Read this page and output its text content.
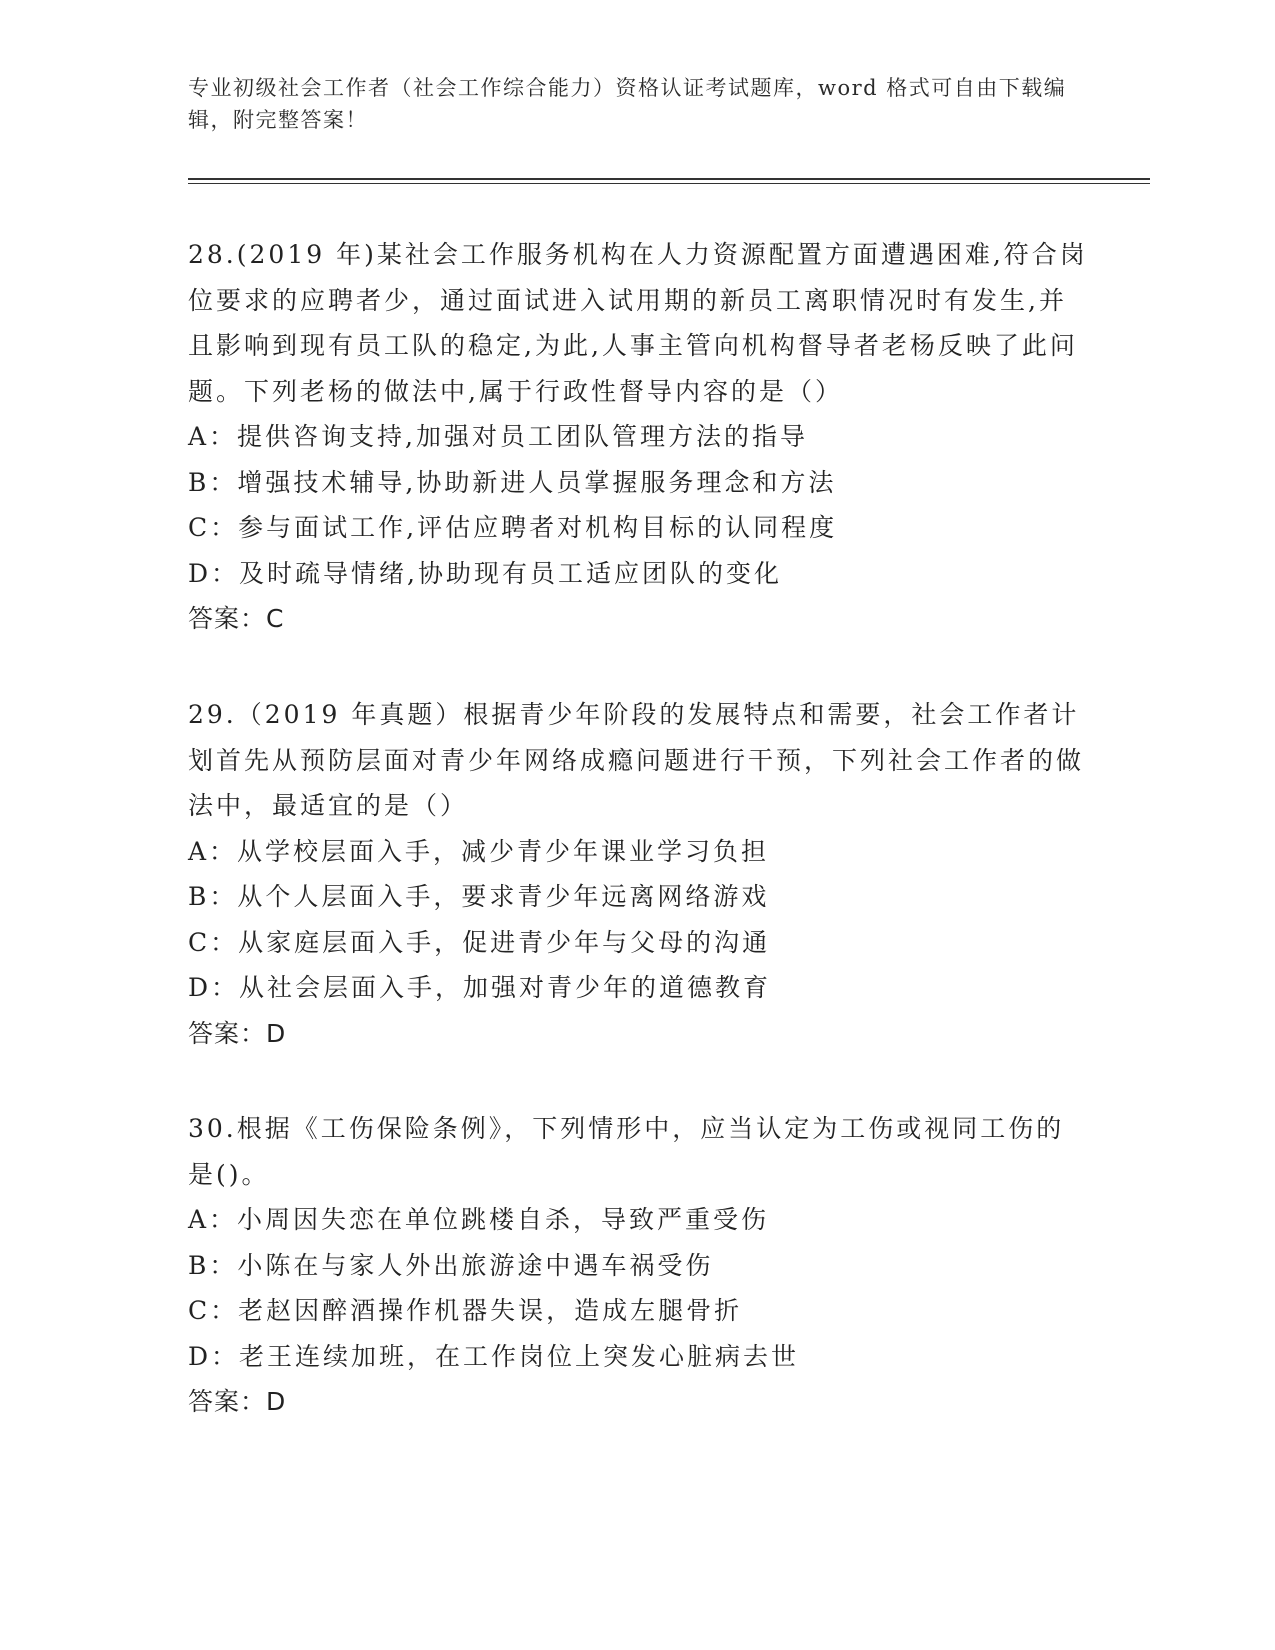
专业初级社会工作者（社会工作综合能力）资格认证考试题库，word 格式可自由下载编辑，附完整答案！

28.(2019 年)某社会工作服务机构在人力资源配置方面遭遇困难,符合岗位要求的应聘者少，通过面试进入试用期的新员工离职情况时有发生,并且影响到现有员工队的稳定,为此,人事主管向机构督导者老杨反映了此问题。下列老杨的做法中,属于行政性督导内容的是（）

A：提供咨询支持,加强对员工团队管理方法的指导

B：增强技术辅导,协助新进人员掌握服务理念和方法

C：参与面试工作,评估应聘者对机构目标的认同程度

D：及时疏导情绪,协助现有员工适应团队的变化

答案：C

29.（2019 年真题）根据青少年阶段的发展特点和需要，社会工作者计划首先从预防层面对青少年网络成瘾问题进行干预，下列社会工作者的做法中，最适宜的是（）

A：从学校层面入手，减少青少年课业学习负担

B：从个人层面入手，要求青少年远离网络游戏

C：从家庭层面入手，促进青少年与父母的沟通

D：从社会层面入手，加强对青少年的道德教育

答案：D

30.根据《工伤保险条例》，下列情形中，应当认定为工伤或视同工伤的是()。

A：小周因失恋在单位跳楼自杀，导致严重受伤

B：小陈在与家人外出旅游途中遇车祸受伤

C：老赵因醉酒操作机器失误，造成左腿骨折

D：老王连续加班，在工作岗位上突发心脏病去世

答案：D
